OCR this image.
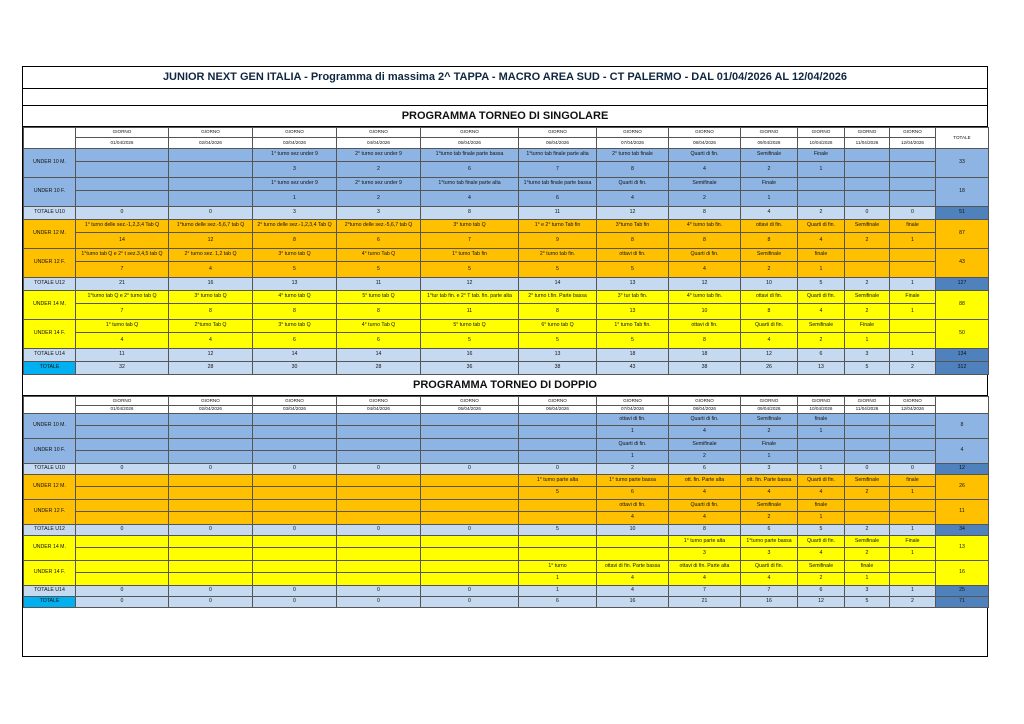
JUNIOR NEXT GEN ITALIA - Programma di massima 2^ TAPPA - MACRO AREA SUD - CT PALERMO - DAL 01/04/2026 AL 12/04/2026
PROGRAMMA TORNEO DI SINGOLARE
	GIORNO	GIORNO	GIORNO	GIORNO	GIORNO	GIORNO	GIORNO	GIORNO	GIORNO	GIORNO	GIORNO	GIORNO	TOTALE
	01/04/2026	02/04/2026	03/04/2026	04/04/2026	05/04/2026	06/04/2026	07/04/2026	08/04/2026	09/04/2026	10/04/2026	11/04/2026	12/04/2026	
UNDER 10 M.			1° turno sez under 9	2° turno sez under 9	1°turno tab finale parte bassa	1°turno tab finale parte alta	2° turno tab finale	Quarti di fin.	Semifinale	Finale			33
			3	2	6	7	8	4	2	1			
UNDER 10 F.			1° turno sez under 9	2° turno sez under 9	1°turno tab finale parte alta	1°turno tab finale parte bassa	Quarti di fin.	Semifinale	Finale				18
			1	2	4	6	4	2	1				
TOTALE U10	0	0	3	3	8	11	12	8	4	2	0	0	51
UNDER 12 M.	1° turno delle sez.-1,2,3,4 Tab Q	1°turno delle sez.-5,6,7 tab Q	2° turno delle sez.-1,2,3,4 Tab Q	2°turno delle sez.-5,6,7 tab Q	3° turno tab Q	1° e 2° turno Tab fin	3°turno Tab fin	4° turno tab fin.	ottavi di fin.	Quarti di fin.	Semifinale	finale	87
	14	12	8	6	7	9	8	8	8	4	2	1	
UNDER 12 F.	1°turno tab Q e 2° t sez.3,4,5 tab Q	2° turno sez. 1,2 tab Q	3° turno tab Q	4° turno Tab Q	1° turno Tab fin	2° turno tab fin.	ottavi di fin.	Quarti di fin.	Semifinale	finale			43
	7	4	5	5	5	5	5	4	2	1			
TOTALE U12	21	16	13	11	12	14	13	12	10	5	2	1	127
UNDER 14 M.	1°turno tab Q e 2° turno tab Q	3° turno tab Q	4° turno tab Q	5° turno tab Q	1°tur tab fin. e 2° T tab. fin. parte alta	2° turno t.fin. Parte bassa	3° tur tab fin.	4° turno tab fin.	ottavi di fin.	Quarti di fin.	Semifinale	Finale	88
	7	8	8	8	11	8	13	10	8	4	2	1	
UNDER 14 F.	1° turno tab Q	2°turno Tab Q	3° turno tab Q	4° turno Tab Q	5° turno tab Q	6° turno tab Q	1° turno Tab fin.	ottavi di fin.	Quarti di fin.	Semifinale	Finale		50
	4	4	6	6	5	5	5	8	4	2	1		
TOTALE U14	11	12	14	14	16	13	18	18	12	6	3	1	134
TOTALE	32	28	30	28	36	38	43	38	26	13	5	2	312
PROGRAMMA TORNEO DI DOPPIO
	GIORNO	GIORNO	GIORNO	GIORNO	GIORNO	GIORNO	GIORNO	GIORNO	GIORNO	GIORNO	GIORNO	GIORNO	
	01/04/2026	02/04/2026	03/04/2026	04/04/2026	05/04/2026	06/04/2026	07/04/2026	08/04/2026	09/04/2026	10/04/2026	11/04/2026	12/04/2026	
UNDER 10 M.							ottavi di fin.	Quarti di fin.	Semifinale	finale			8
							1	4	2	1			
UNDER 10 F.							Quarti di fin.	Semifinale	Finale				4
							1	2	1				
TOTALE U10	0	0	0	0	0	0	2	6	3	1	0	0	12
UNDER 12 M.						1° turno parte alta	1° turno parte bassa	ott. fin. Parte alta	ott. fin. Parte bassa	Quarti di fin.	Semifinale	finale	26
						5	6	4	4	4	2	1	
UNDER 12 F.							ottavi di fin.	Quarti di fin.	Semifinale	finale			11
							4	4	2	1			
TOTALE U12	0	0	0	0	0	5	10	8	6	5	2	1	34
UNDER 14 M.								1° turno parte alta	1°turno parte bassa	Quarti di fin.	Semifinale	Finale	13
								3	3	4	2	1	
UNDER 14 F.						1° turno	ottavi di fin. Parte bassa	ottavi di fin. Parte alta	Quarti di fin.	Semifinale	finale		16
						1	4	4	4	2	1		
TOTALE U14	0	0	0	0	0	1	4	7	7	6	3	1	25
TOTALE	0	0	0	0	0	6	16	21	16	12	5	2	71
